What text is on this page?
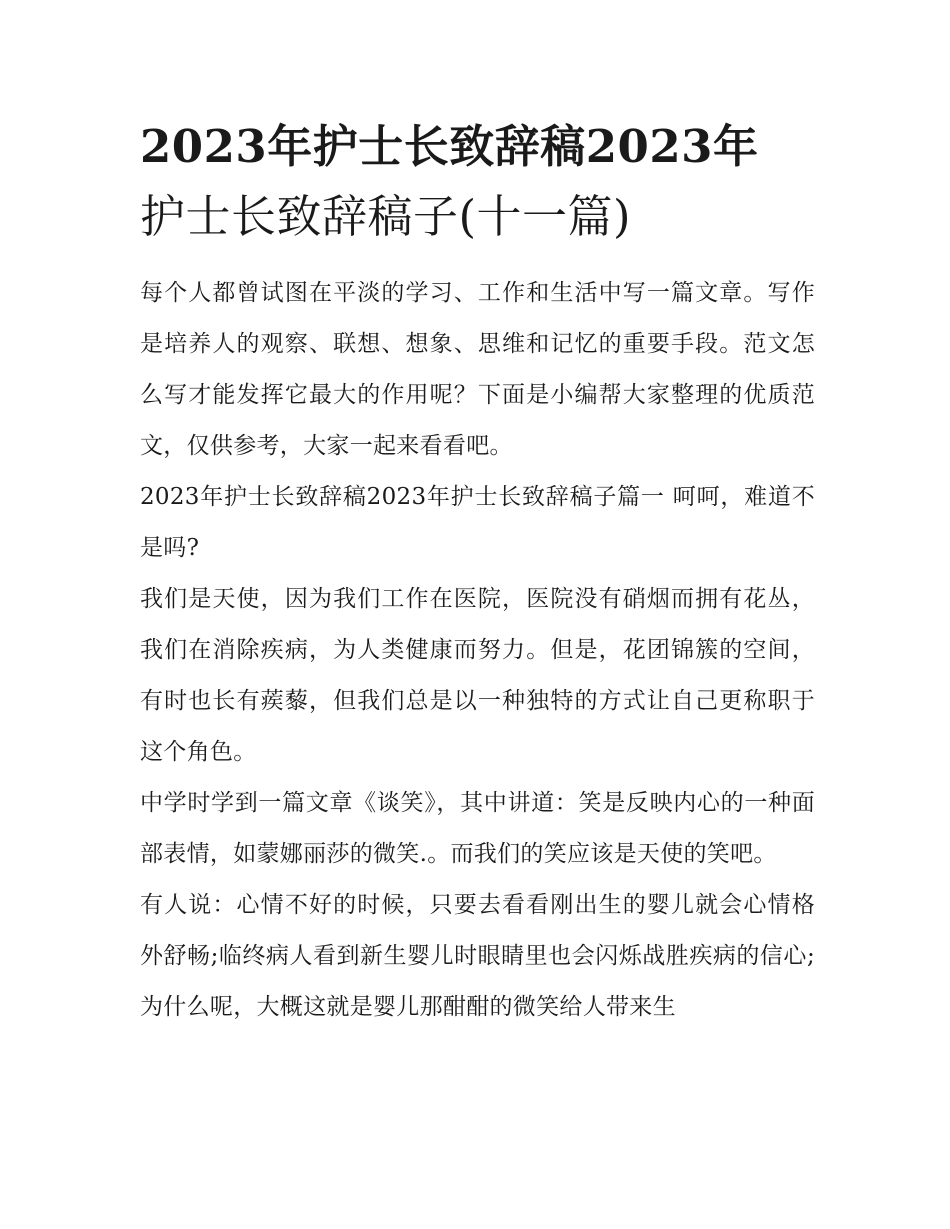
2023年护士长致辞稿2023年
护士长致辞稿子(十一篇)

每个人都曾试图在平淡的学习、工作和生活中写一篇文章。写作是培养人的观察、联想、想象、思维和记忆的重要手段。范文怎么写才能发挥它最大的作用呢？下面是小编帮大家整理的优质范文，仅供参考，大家一起来看看吧。

2023年护士长致辞稿2023年护士长致辞稿子篇一 呵呵，难道不是吗?

我们是天使，因为我们工作在医院，医院没有硝烟而拥有花丛，我们在消除疾病，为人类健康而努力。但是，花团锦簇的空间，有时也长有蒺藜，但我们总是以一种独特的方式让自己更称职于这个角色。

中学时学到一篇文章《谈笑》，其中讲道：笑是反映内心的一种面部表情，如蒙娜丽莎的微笑.。而我们的笑应该是天使的笑吧。

有人说：心情不好的时候，只要去看看刚出生的婴儿就会心情格外舒畅;临终病人看到新生婴儿时眼睛里也会闪烁战胜疾病的信心;为什么呢，大概这就是婴儿那酣酣的微笑给人带来生
